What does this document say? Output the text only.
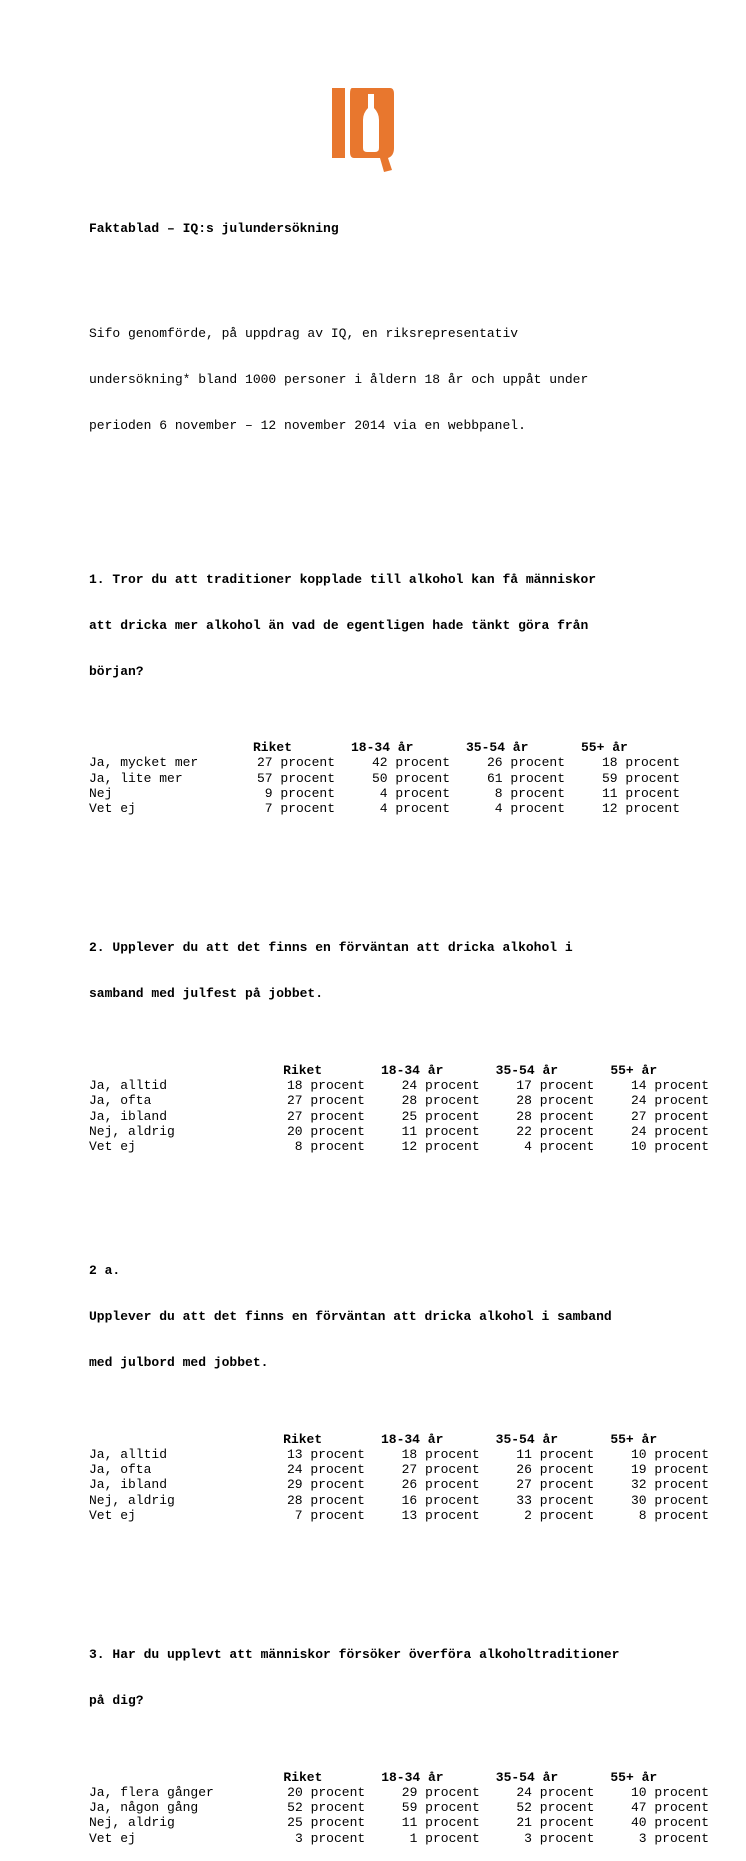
Faktablad – IQ:s julundersökning

Sifo genomförde, på uppdrag av IQ, en riksrepresentativ

undersökning* bland 1000 personer i åldern 18 år och uppåt under

perioden 6 november – 12 november 2014 via en webbpanel.

1. Tror du att traditioner kopplade till alkohol kan få människor

att dricka mer alkohol än vad de egentligen hade tänkt göra från

början?

	Riket	18-34 år	35-54 år	55+ år
Ja, mycket mer	27 procent	42 procent	26 procent	18 procent
Ja, lite mer	57 procent	50 procent	61 procent	59 procent
Nej	9 procent	4 procent	8 procent	11 procent
Vet ej	7 procent	4 procent	4 procent	12 procent

2. Upplever du att det finns en förväntan att dricka alkohol i

samband med julfest på jobbet.

	Riket	18-34 år	35-54 år	55+ år
Ja, alltid	18 procent	24 procent	17 procent	14 procent
Ja, ofta	27 procent	28 procent	28 procent	24 procent
Ja, ibland	27 procent	25 procent	28 procent	27 procent
Nej, aldrig	20 procent	11 procent	22 procent	24 procent
Vet ej	8 procent	12 procent	4 procent	10 procent

2 a.

Upplever du att det finns en förväntan att dricka alkohol i samband

med julbord med jobbet.

	Riket	18-34 år	35-54 år	55+ år
Ja, alltid	13 procent	18 procent	11 procent	10 procent
Ja, ofta	24 procent	27 procent	26 procent	19 procent
Ja, ibland	29 procent	26 procent	27 procent	32 procent
Nej, aldrig	28 procent	16 procent	33 procent	30 procent
Vet ej	7 procent	13 procent	2 procent	8 procent

3. Har du upplevt att människor försöker överföra alkoholtraditioner

på dig?

	Riket	18-34 år	35-54 år	55+ år
Ja, flera gånger	20 procent	29 procent	24 procent	10 procent
Ja, någon gång	52 procent	59 procent	52 procent	47 procent
Nej, aldrig	25 procent	11 procent	21 procent	40 procent
Vet ej	3 procent	1 procent	3 procent	3 procent
